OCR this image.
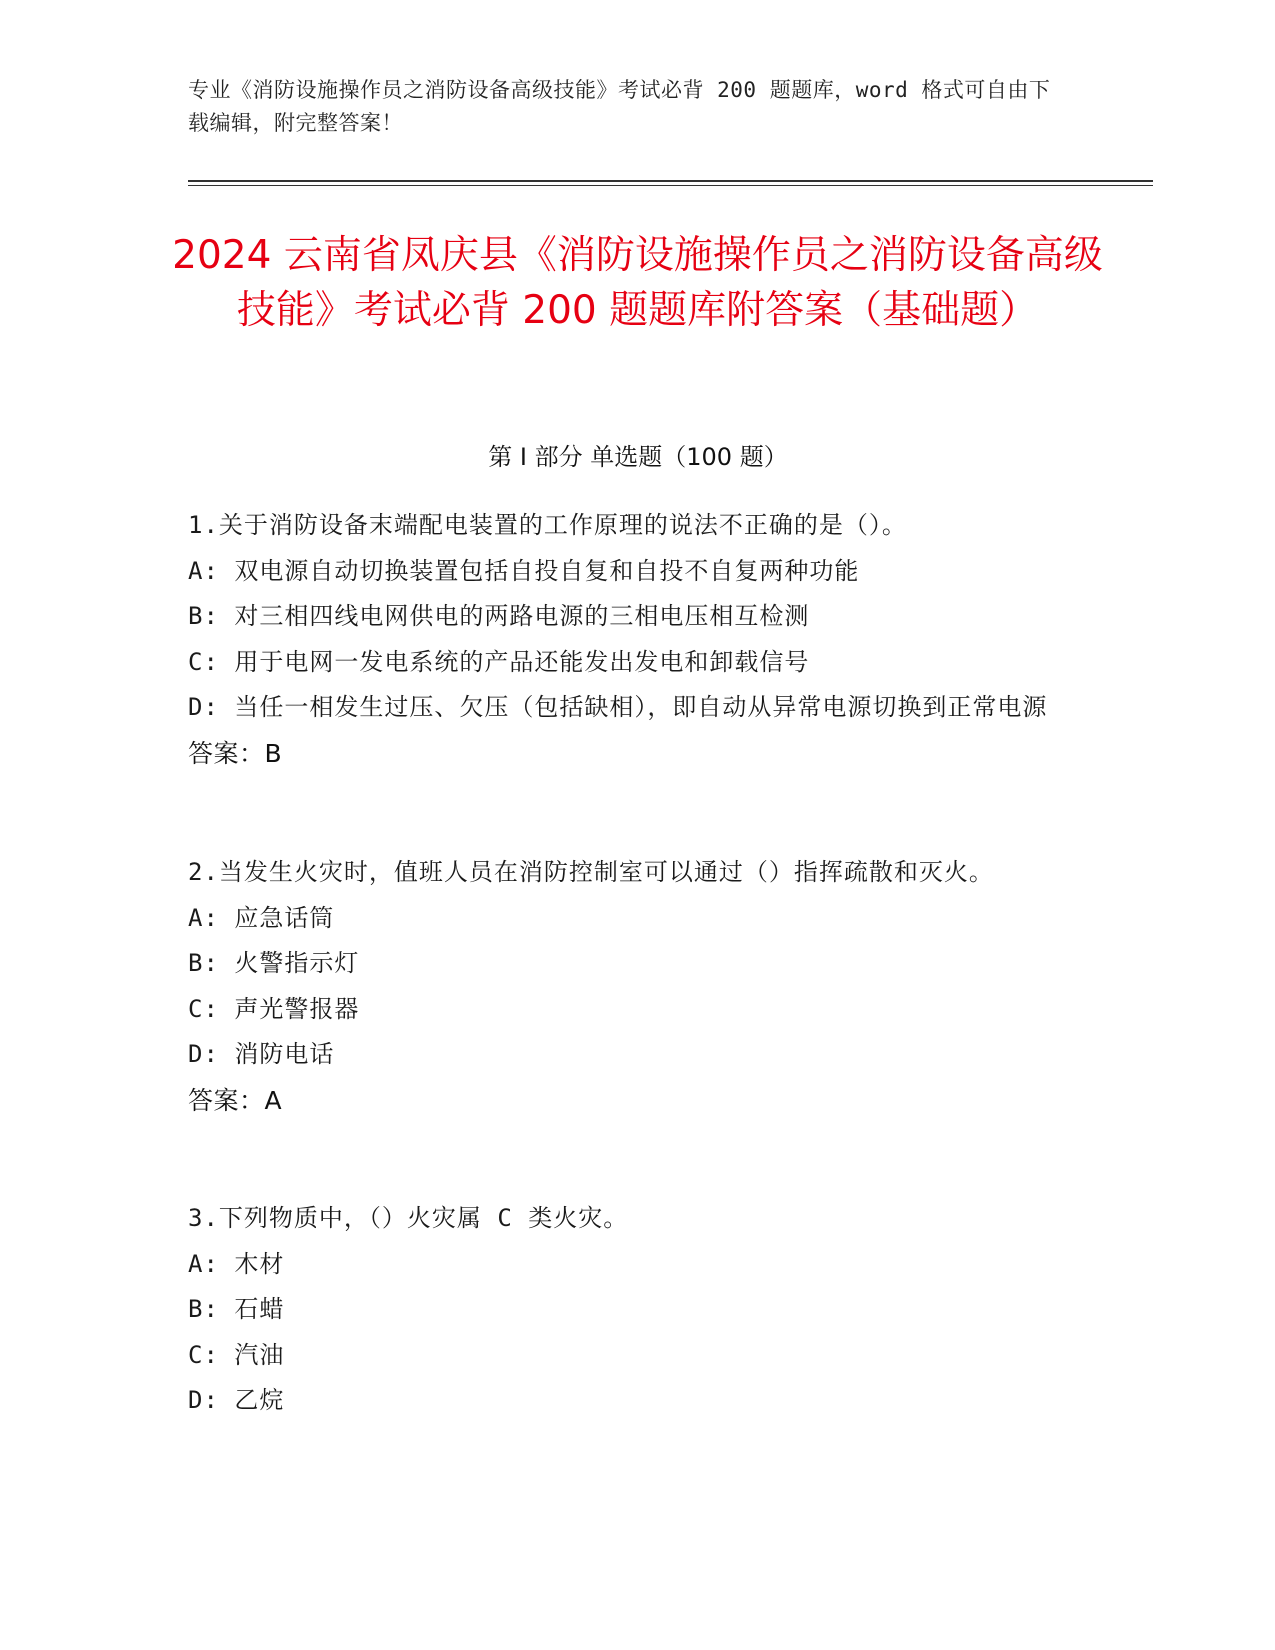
专业《消防设施操作员之消防设备高级技能》考试必背 200 题题库，word 格式可自由下载编辑，附完整答案！
2024 云南省凤庆县《消防设施操作员之消防设备高级技能》考试必背 200 题题库附答案（基础题）
第 I 部分 单选题（100 题）
1.关于消防设备末端配电装置的工作原理的说法不正确的是（）。
A: 双电源自动切换装置包括自投自复和自投不自复两种功能
B: 对三相四线电网供电的两路电源的三相电压相互检测
C: 用于电网一发电系统的产品还能发出发电和卸载信号
D: 当任一相发生过压、欠压（包括缺相），即自动从异常电源切换到正常电源
答案：B
2.当发生火灾时，值班人员在消防控制室可以通过（）指挥疏散和灭火。
A: 应急话筒
B: 火警指示灯
C: 声光警报器
D: 消防电话
答案：A
3.下列物质中，（）火灾属 C 类火灾。
A: 木材
B: 石蜡
C: 汽油
D: 乙烷
